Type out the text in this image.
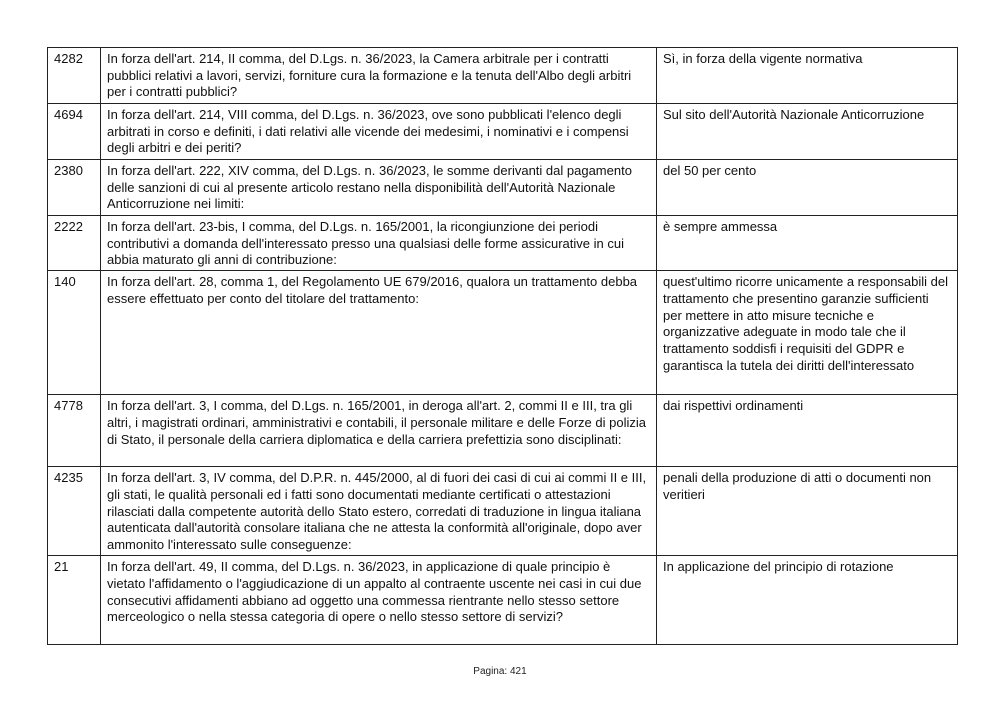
4282	In forza dell'art. 214, II comma, del D.Lgs. n. 36/2023, la Camera arbitrale per i contratti pubblici relativi a lavori, servizi, forniture cura la formazione e la tenuta dell'Albo degli arbitri per i contratti pubblici?	Sì, in forza della vigente normativa
4694	In forza dell'art. 214, VIII comma, del D.Lgs. n. 36/2023, ove sono pubblicati l'elenco degli arbitrati in corso e definiti, i dati relativi alle vicende dei medesimi, i nominativi e i compensi degli arbitri e dei periti?	Sul sito dell'Autorità Nazionale Anticorruzione
2380	In forza dell'art. 222, XIV comma, del D.Lgs. n. 36/2023, le somme derivanti dal pagamento delle sanzioni di cui al presente articolo restano nella disponibilità dell'Autorità Nazionale Anticorruzione nei limiti:	del 50 per cento
2222	In forza dell'art. 23-bis, I comma, del D.Lgs. n. 165/2001, la ricongiunzione dei periodi contributivi a domanda dell'interessato presso una qualsiasi delle forme assicurative in cui abbia maturato gli anni di contribuzione:	è sempre ammessa
140	In forza dell'art. 28, comma 1, del Regolamento UE 679/2016, qualora un trattamento debba essere effettuato per conto del titolare del trattamento:	quest'ultimo ricorre unicamente a responsabili del trattamento che presentino garanzie sufficienti per mettere in atto misure tecniche e organizzative adeguate in modo tale che il trattamento soddisfi i requisiti del GDPR e garantisca la tutela dei diritti dell'interessato
4778	In forza dell'art. 3, I comma, del D.Lgs. n. 165/2001, in deroga all'art. 2, commi II e III, tra gli altri, i magistrati ordinari, amministrativi e contabili, il personale militare e delle Forze di polizia di Stato, il personale della carriera diplomatica e della carriera prefettizia sono disciplinati:	dai rispettivi ordinamenti
4235	In forza dell'art. 3, IV comma, del D.P.R. n. 445/2000, al di fuori dei casi di cui ai commi II e III, gli stati, le qualità personali ed i fatti sono documentati mediante certificati o attestazioni rilasciati dalla competente autorità dello Stato estero, corredati di traduzione in lingua italiana autenticata dall'autorità consolare italiana che ne attesta la conformità all'originale, dopo aver ammonito l'interessato sulle conseguenze:	penali della produzione di atti o documenti non veritieri
21	In forza dell'art. 49, II comma, del D.Lgs. n. 36/2023, in applicazione di quale principio è vietato l'affidamento o l'aggiudicazione di un appalto al contraente uscente nei casi in cui due consecutivi affidamenti abbiano ad oggetto una commessa rientrante nello stesso settore merceologico o nella stessa categoria di opere o nello stesso settore di servizi?	In applicazione del principio di rotazione
Pagina: 421
